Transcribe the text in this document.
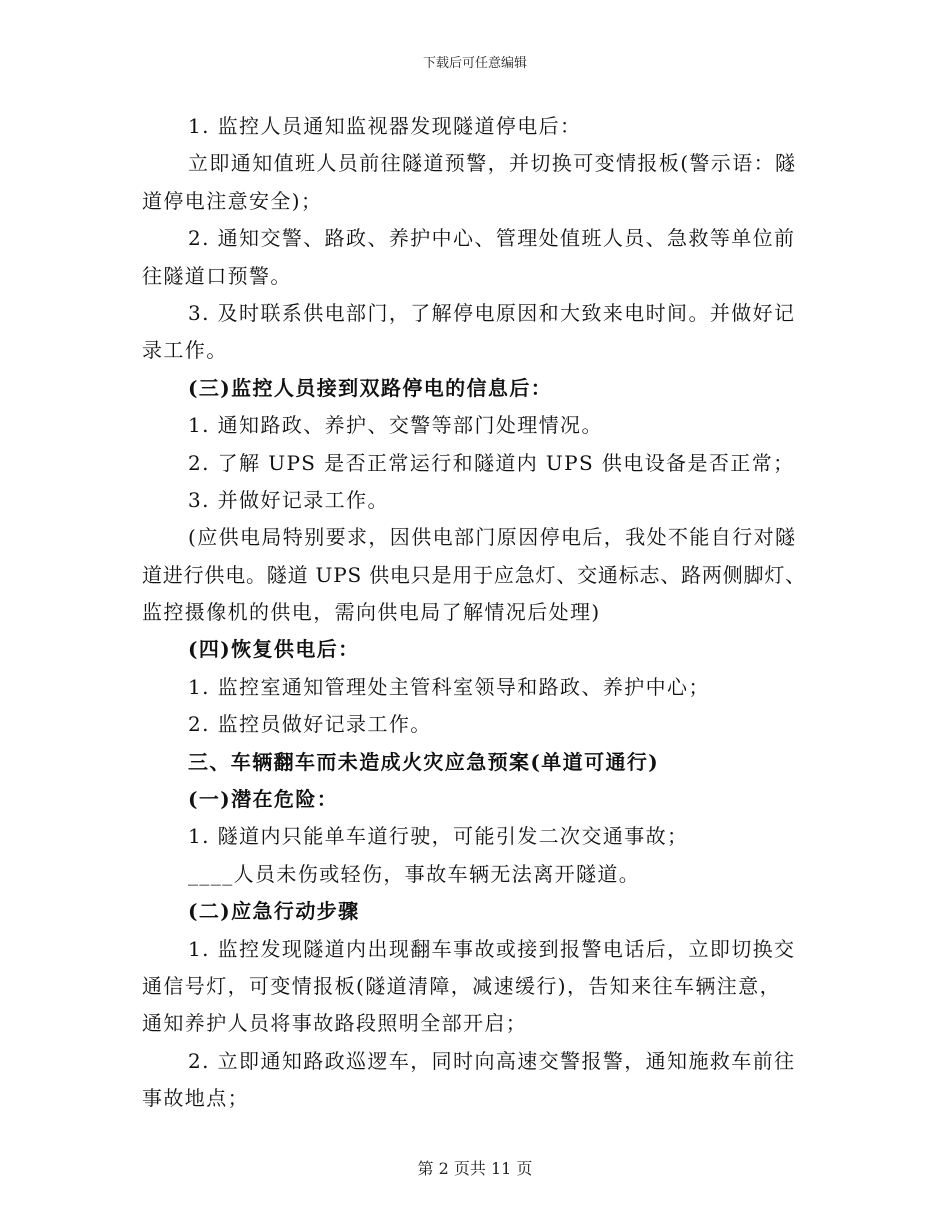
下载后可任意编辑
1. 监控人员通知监视器发现隧道停电后：
立即通知值班人员前往隧道预警，并切换可变情报板(警示语：隧
道停电注意安全)；
2. 通知交警、路政、养护中心、管理处值班人员、急救等单位前
往隧道口预警。
3. 及时联系供电部门，了解停电原因和大致来电时间。并做好记
录工作。
(三)监控人员接到双路停电的信息后：
1. 通知路政、养护、交警等部门处理情况。
2. 了解 UPS 是否正常运行和隧道内 UPS 供电设备是否正常；
3. 并做好记录工作。
(应供电局特别要求，因供电部门原因停电后，我处不能自行对隧
道进行供电。隧道 UPS 供电只是用于应急灯、交通标志、路两侧脚灯、
监控摄像机的供电，需向供电局了解情况后处理)
(四)恢复供电后：
1. 监控室通知管理处主管科室领导和路政、养护中心；
2. 监控员做好记录工作。
三、车辆翻车而未造成火灾应急预案(单道可通行)
(一)潜在危险：
1. 隧道内只能单车道行驶，可能引发二次交通事故；
____人员未伤或轻伤，事故车辆无法离开隧道。
(二)应急行动步骤
1. 监控发现隧道内出现翻车事故或接到报警电话后，立即切换交
通信号灯，可变情报板(隧道清障，减速缓行)，告知来往车辆注意，
通知养护人员将事故路段照明全部开启；
2. 立即通知路政巡逻车，同时向高速交警报警，通知施救车前往
事故地点；
第 2 页共 11 页
